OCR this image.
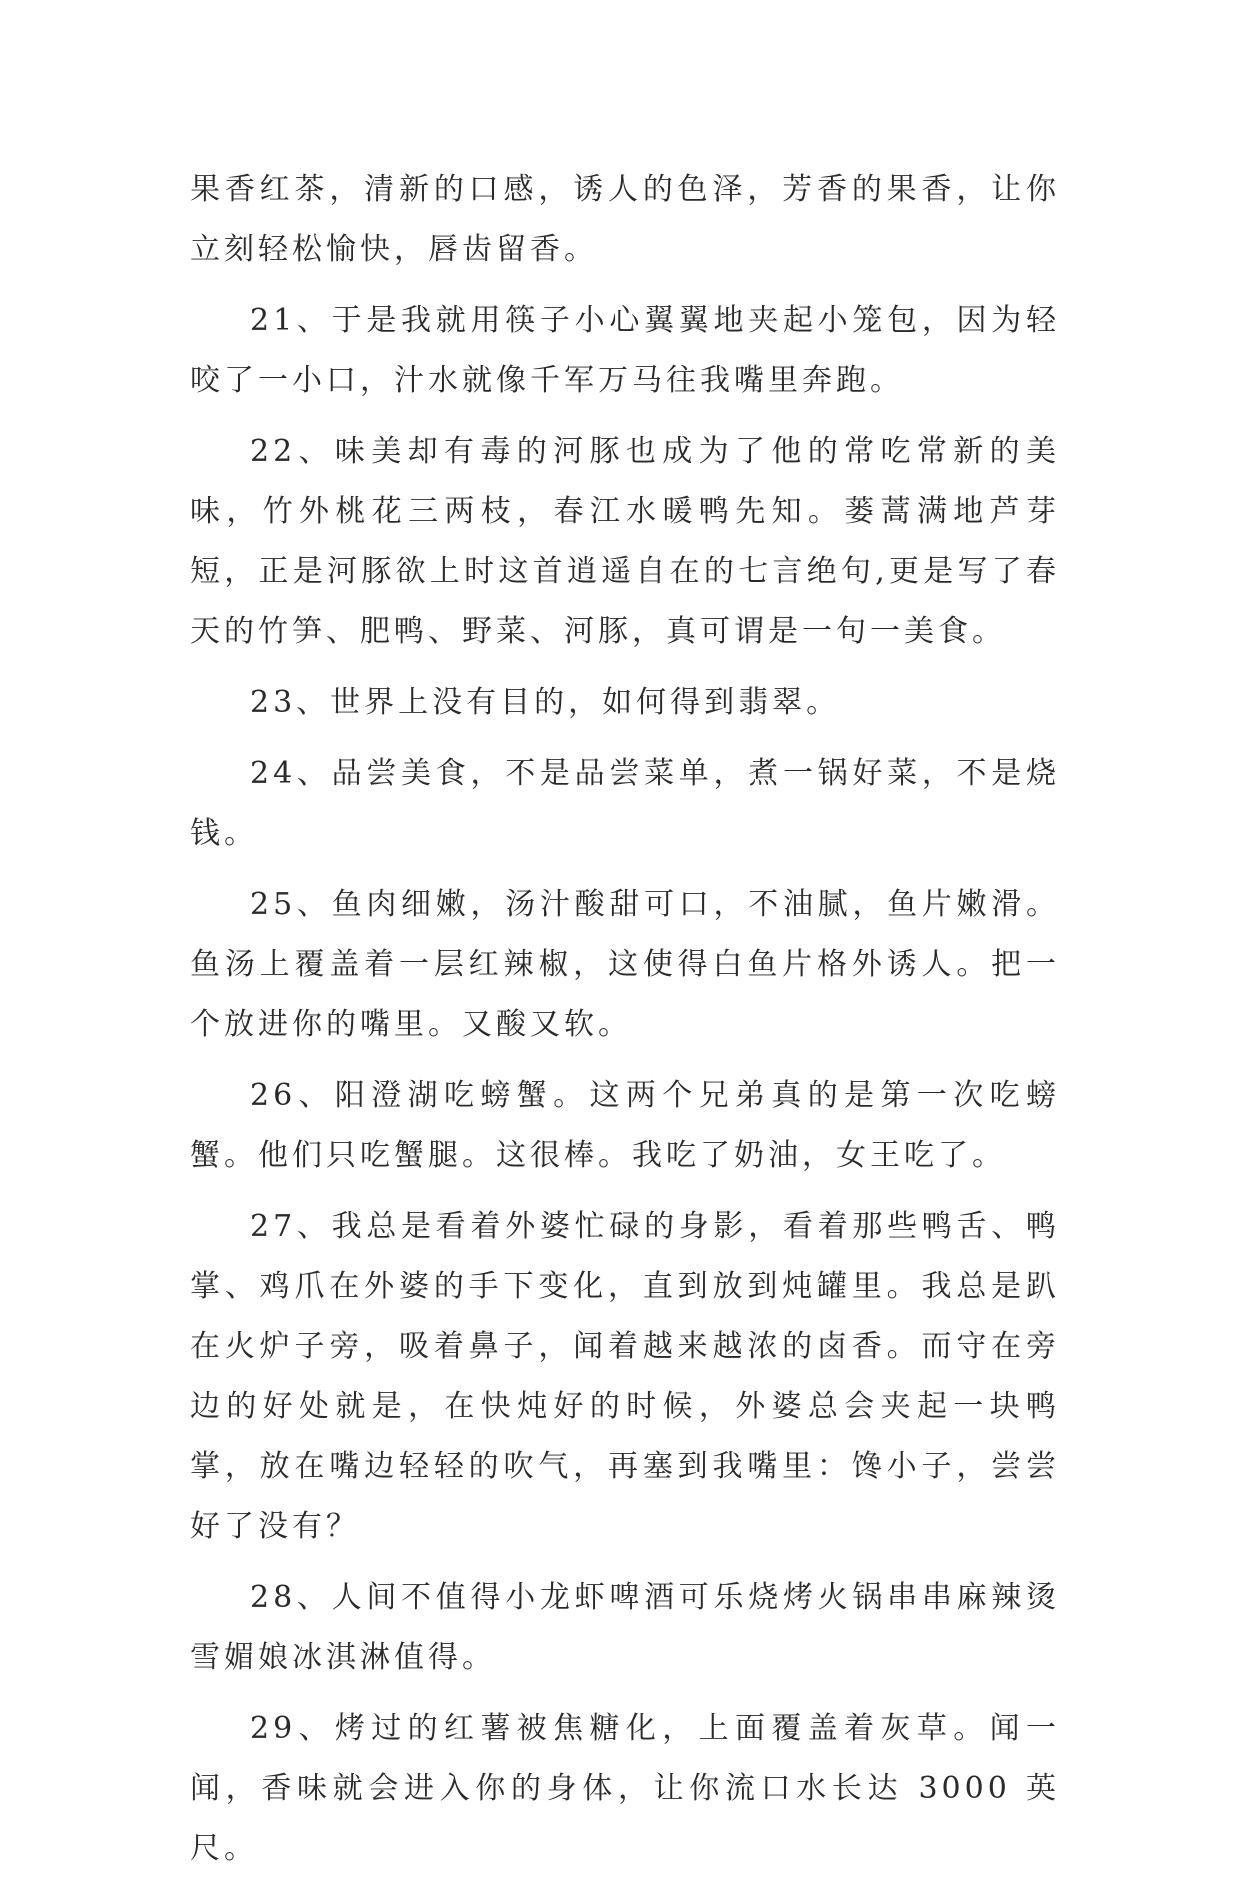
果香红茶，清新的口感，诱人的色泽，芳香的果香，让你立刻轻松愉快，唇齿留香。

21、于是我就用筷子小心翼翼地夹起小笼包，因为轻咬了一小口，汁水就像千军万马往我嘴里奔跑。

22、味美却有毒的河豚也成为了他的常吃常新的美味，竹外桃花三两枝，春江水暖鸭先知。蒌蒿满地芦芽短，正是河豚欲上时这首逍遥自在的七言绝句,更是写了春天的竹笋、肥鸭、野菜、河豚，真可谓是一句一美食。

23、世界上没有目的，如何得到翡翠。

24、品尝美食，不是品尝菜单，煮一锅好菜，不是烧钱。

25、鱼肉细嫩，汤汁酸甜可口，不油腻，鱼片嫩滑。鱼汤上覆盖着一层红辣椒，这使得白鱼片格外诱人。把一个放进你的嘴里。又酸又软。

26、阳澄湖吃螃蟹。这两个兄弟真的是第一次吃螃蟹。他们只吃蟹腿。这很棒。我吃了奶油，女王吃了。

27、我总是看着外婆忙碌的身影，看着那些鸭舌、鸭掌、鸡爪在外婆的手下变化，直到放到炖罐里。我总是趴在火炉子旁，吸着鼻子，闻着越来越浓的卤香。而守在旁边的好处就是，在快炖好的时候，外婆总会夹起一块鸭掌，放在嘴边轻轻的吹气，再塞到我嘴里：馋小子，尝尝好了没有？

28、人间不值得小龙虾啤酒可乐烧烤火锅串串麻辣烫雪媚娘冰淇淋值得。

29、烤过的红薯被焦糖化，上面覆盖着灰草。闻一闻，香味就会进入你的身体，让你流口水长达 3000 英尺。
